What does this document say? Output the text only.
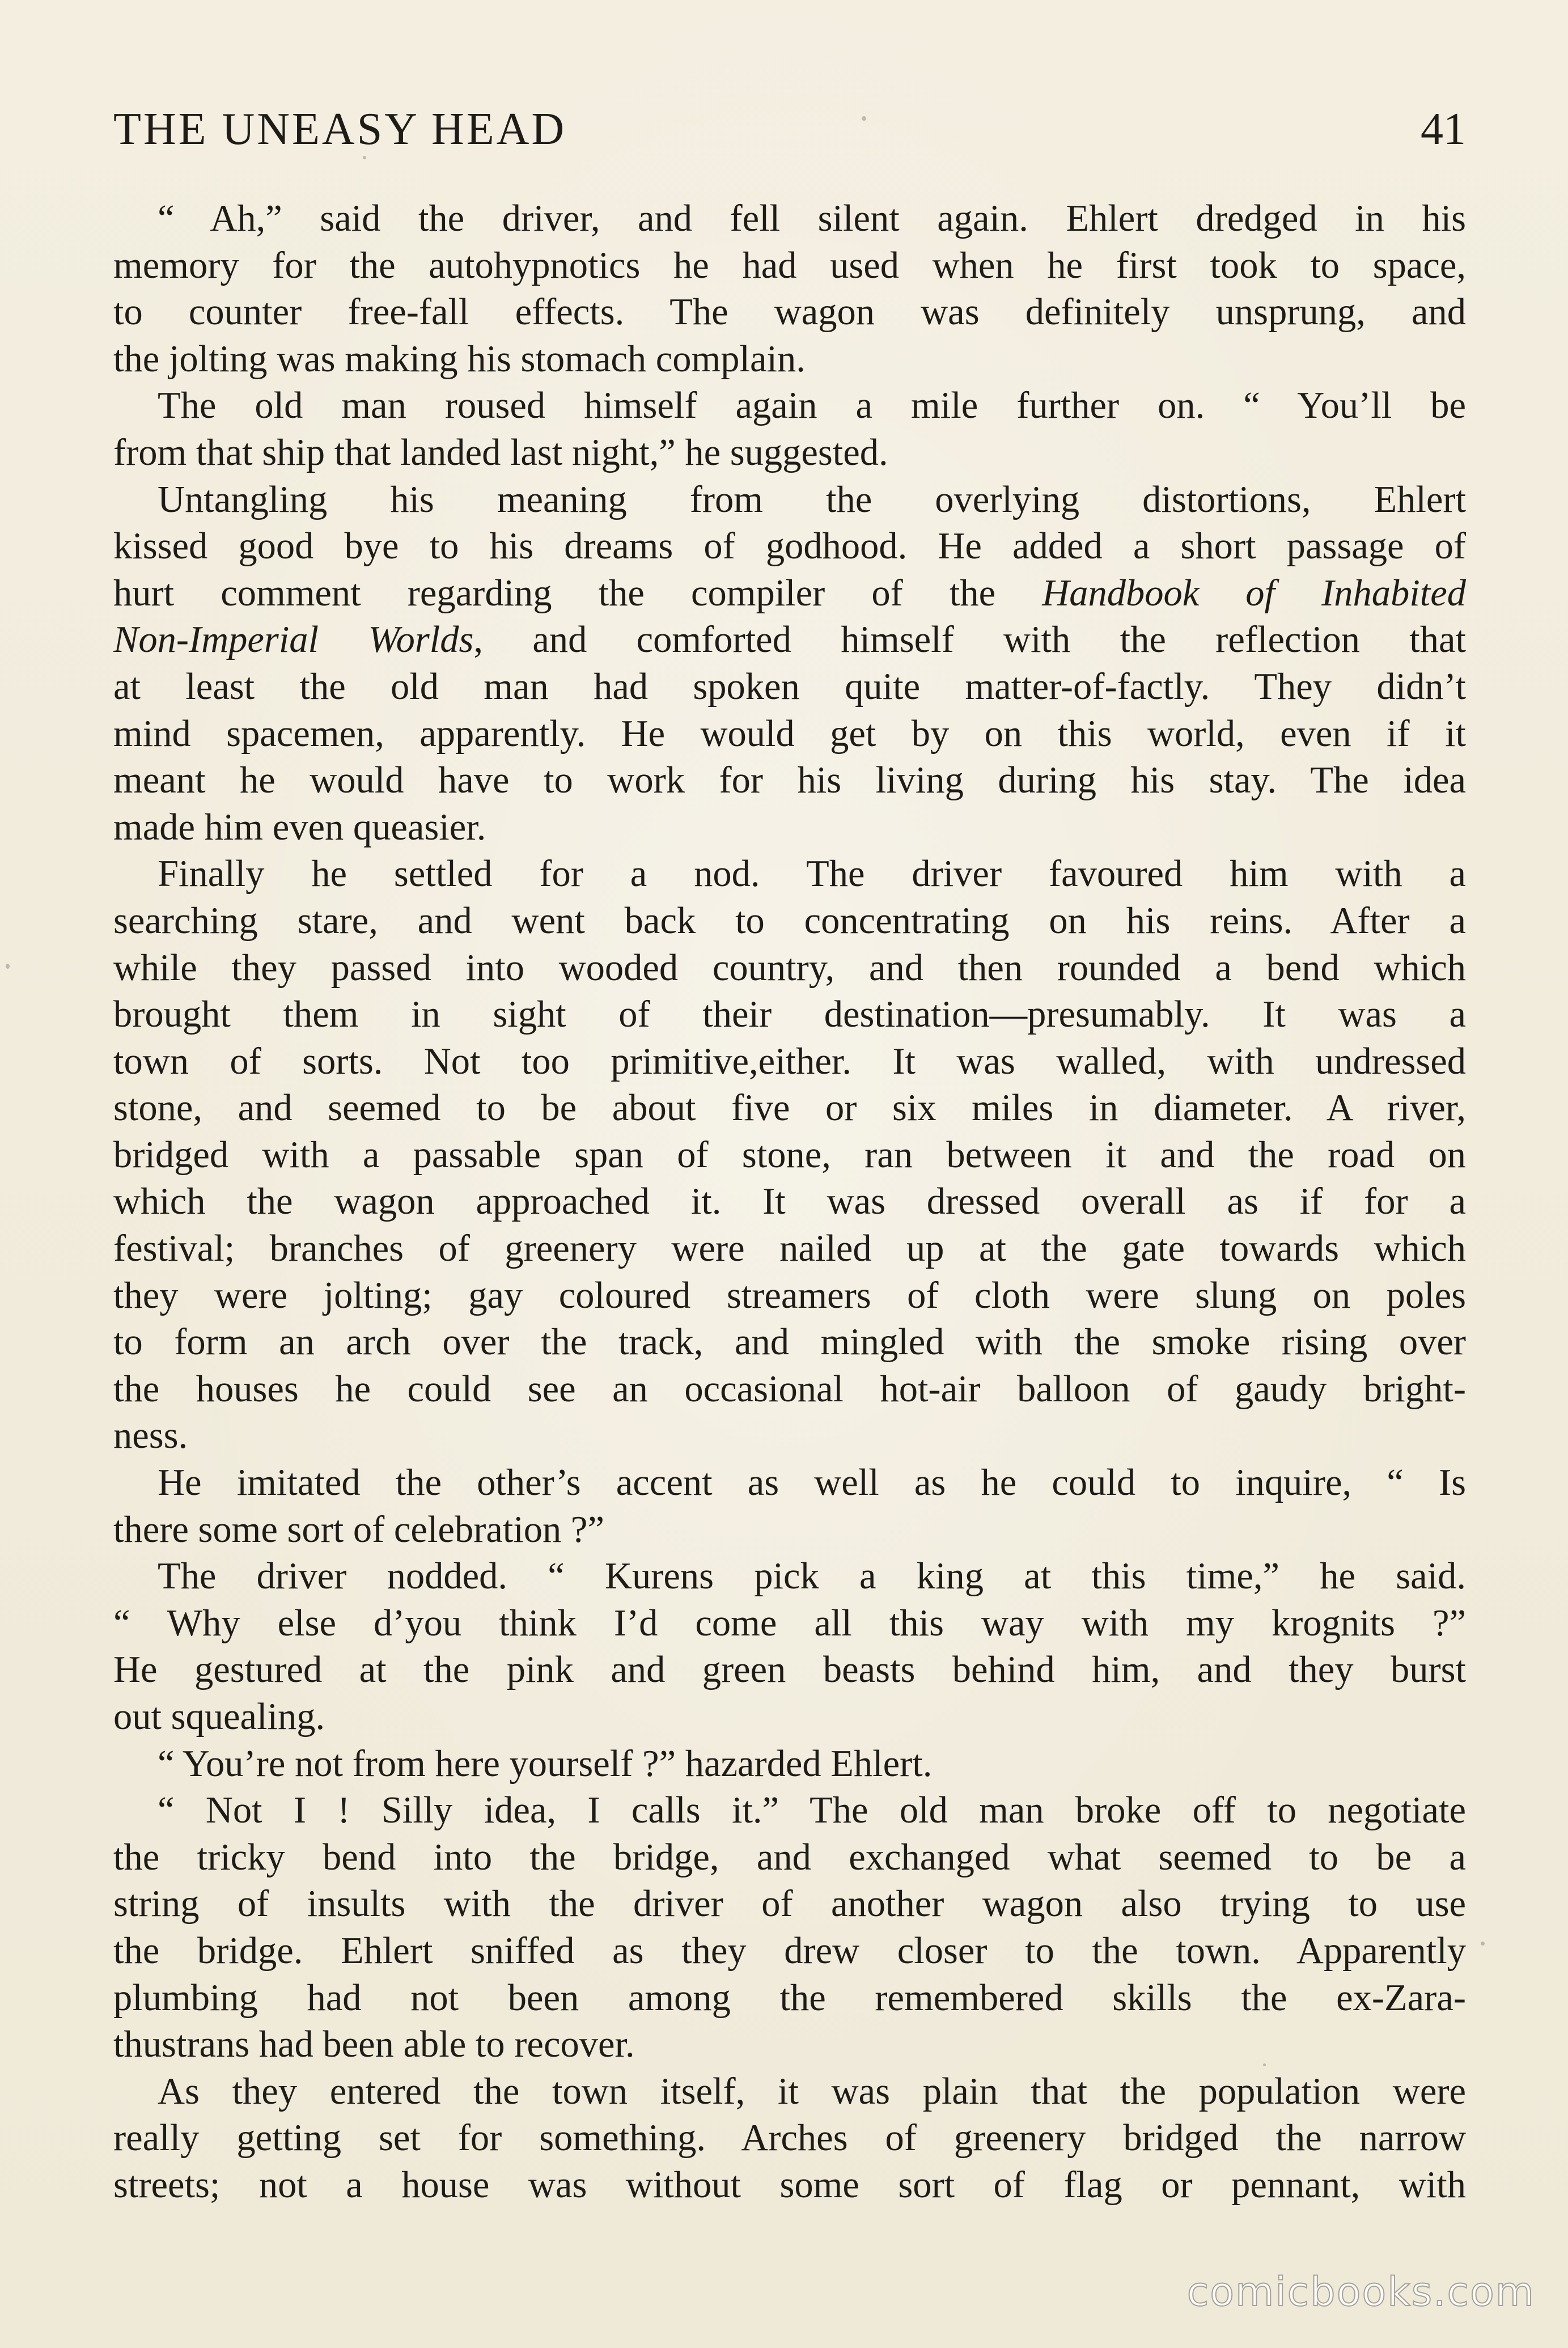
THE UNEASY HEAD	41
“ Ah,” said the driver, and fell silent again. Ehlert dredged in his
memory for the autohypnotics he had used when he first took to space,
to counter free-fall effects. The wagon was definitely unsprung, and
the jolting was making his stomach complain.
The old man roused himself again a mile further on. “ You’ll be
from that ship that landed last night,” he suggested.
Untangling his meaning from the overlying distortions, Ehlert
kissed good bye to his dreams of godhood. He added a short passage of
hurt comment regarding the compiler of the Handbook of Inhabited
Non-Imperial Worlds, and comforted himself with the reflection that
at least the old man had spoken quite matter-of-factly. They didn’t
mind spacemen, apparently. He would get by on this world, even if it
meant he would have to work for his living during his stay. The idea
made him even queasier.
Finally he settled for a nod. The driver favoured him with a
searching stare, and went back to concentrating on his reins. After a
while they passed into wooded country, and then rounded a bend which
brought them in sight of their destination—presumably. It was a
town of sorts. Not too primitive,either. It was walled, with undressed
stone, and seemed to be about five or six miles in diameter. A river,
bridged with a passable span of stone, ran between it and the road on
which the wagon approached it. It was dressed overall as if for a
festival; branches of greenery were nailed up at the gate towards which
they were jolting; gay coloured streamers of cloth were slung on poles
to form an arch over the track, and mingled with the smoke rising over
the houses he could see an occasional hot-air balloon of gaudy bright-
ness.
He imitated the other’s accent as well as he could to inquire, “ Is
there some sort of celebration ?”
The driver nodded. “ Kurens pick a king at this time,” he said.
“ Why else d’you think I’d come all this way with my krognits ?”
He gestured at the pink and green beasts behind him, and they burst
out squealing.
“ You’re not from here yourself ?” hazarded Ehlert.
“ Not I ! Silly idea, I calls it.” The old man broke off to negotiate
the tricky bend into the bridge, and exchanged what seemed to be a
string of insults with the driver of another wagon also trying to use
the bridge. Ehlert sniffed as they drew closer to the town. Apparently
plumbing had not been among the remembered skills the ex-Zara-
thustrans had been able to recover.
As they entered the town itself, it was plain that the population were
really getting set for something. Arches of greenery bridged the narrow
streets; not a house was without some sort of flag or pennant, with
comicbooks.com
